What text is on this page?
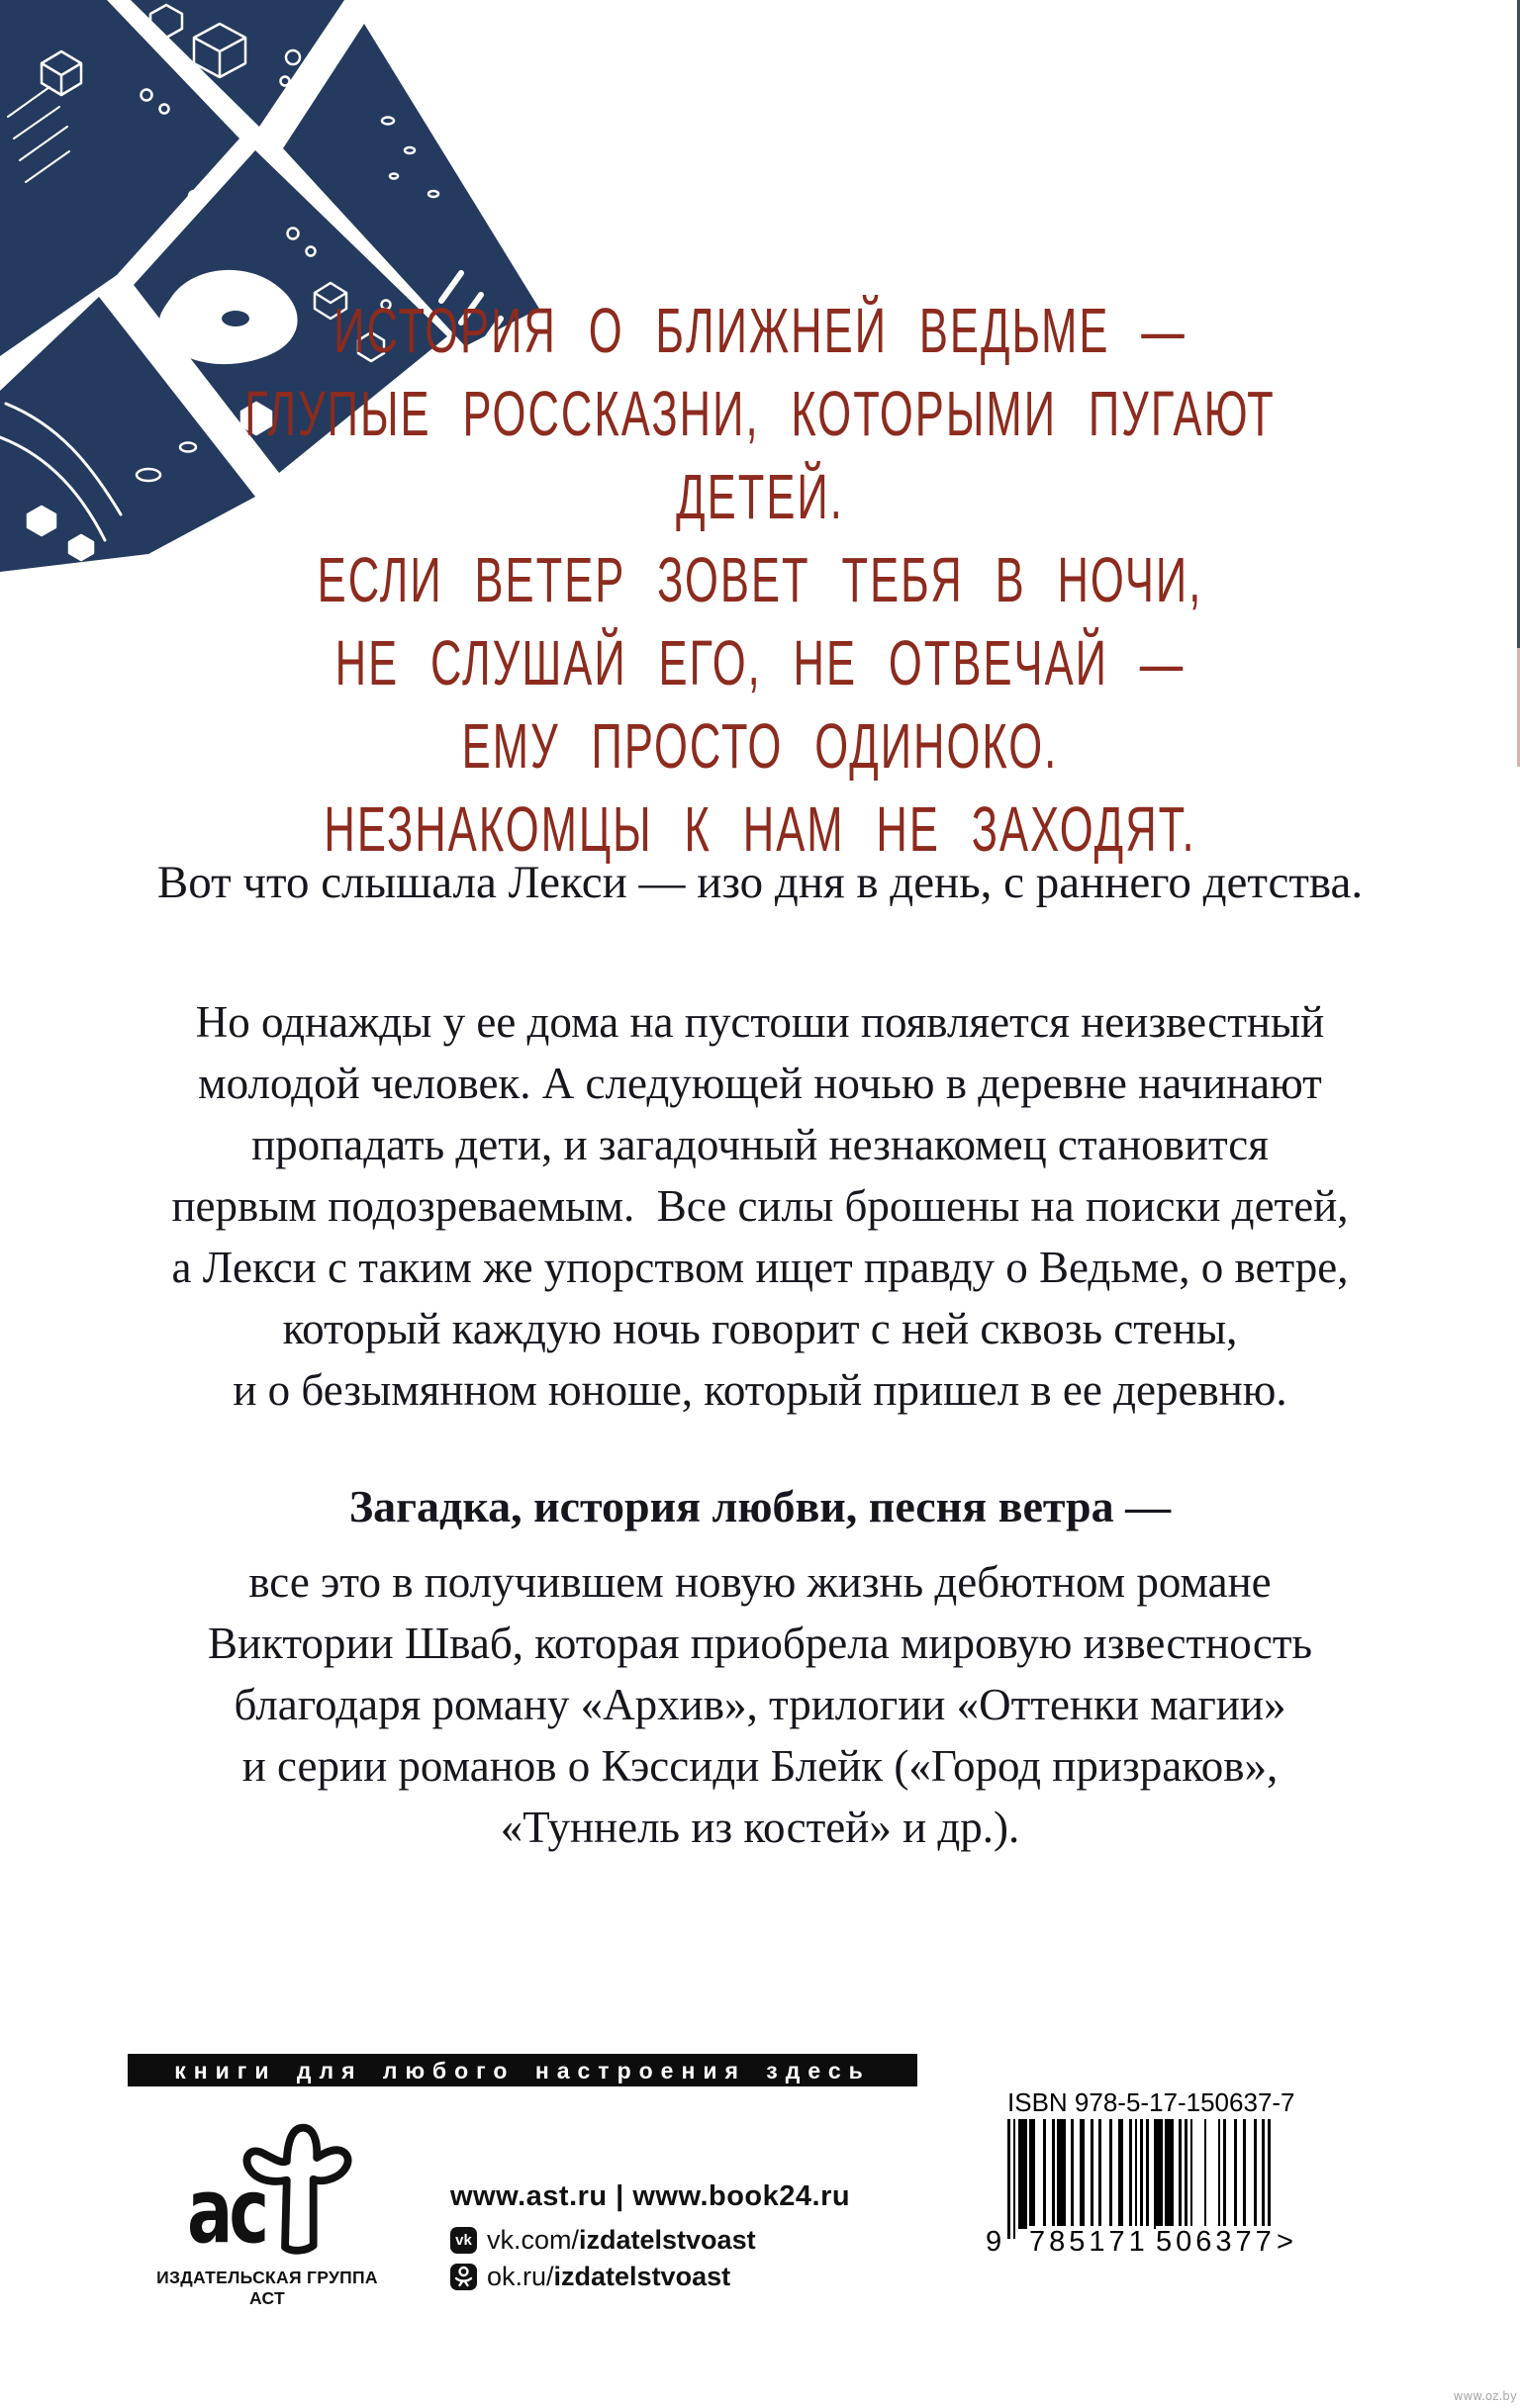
ИСТОРИЯ О БЛИЖНЕЙ ВЕДЬМЕ —
ГЛУПЫЕ РОССКАЗНИ, КОТОРЫМИ ПУГАЮТ ДЕТЕЙ.
ЕСЛИ ВЕТЕР ЗОВЕТ ТЕБЯ В НОЧИ,
НЕ СЛУШАЙ ЕГО, НЕ ОТВЕЧАЙ —
ЕМУ ПРОСТО ОДИНОКО.
НЕЗНАКОМЦЫ К НАМ НЕ ЗАХОДЯТ.
Вот что слышала Лекси — изо дня в день, с раннего детства.
Но однажды у ее дома на пустоши появляется неизвестный
молодой человек. А следующей ночью в деревне начинают
пропадать дети, и загадочный незнакомец становится
первым подозреваемым.  Все силы брошены на поиски детей,
а Лекси с таким же упорством ищет правду о Ведьме, о ветре,
который каждую ночь говорит с ней сквозь стены,
и о безымянном юноше, который пришел в ее деревню.
Загадка, история любви, песня ветра —
все это в получившем новую жизнь дебютном романе
Виктории Шваб, которая приобрела мировую известность
благодаря роману «Архив», трилогии «Оттенки магии»
и серии романов о Кэссиди Блейк («Город призраков»,
«Туннель из костей» и др.).
книги для любого настроения здесь
ac
ИЗДАТЕЛЬСКАЯ ГРУППА АСТ
www.ast.ru | www.book24.ru
vk vk.com/izdatelstvoast
ok.ru/izdatelstvoast
ISBN 978-5-17-150637-7
9 785171 506377 >
www.oz.by
